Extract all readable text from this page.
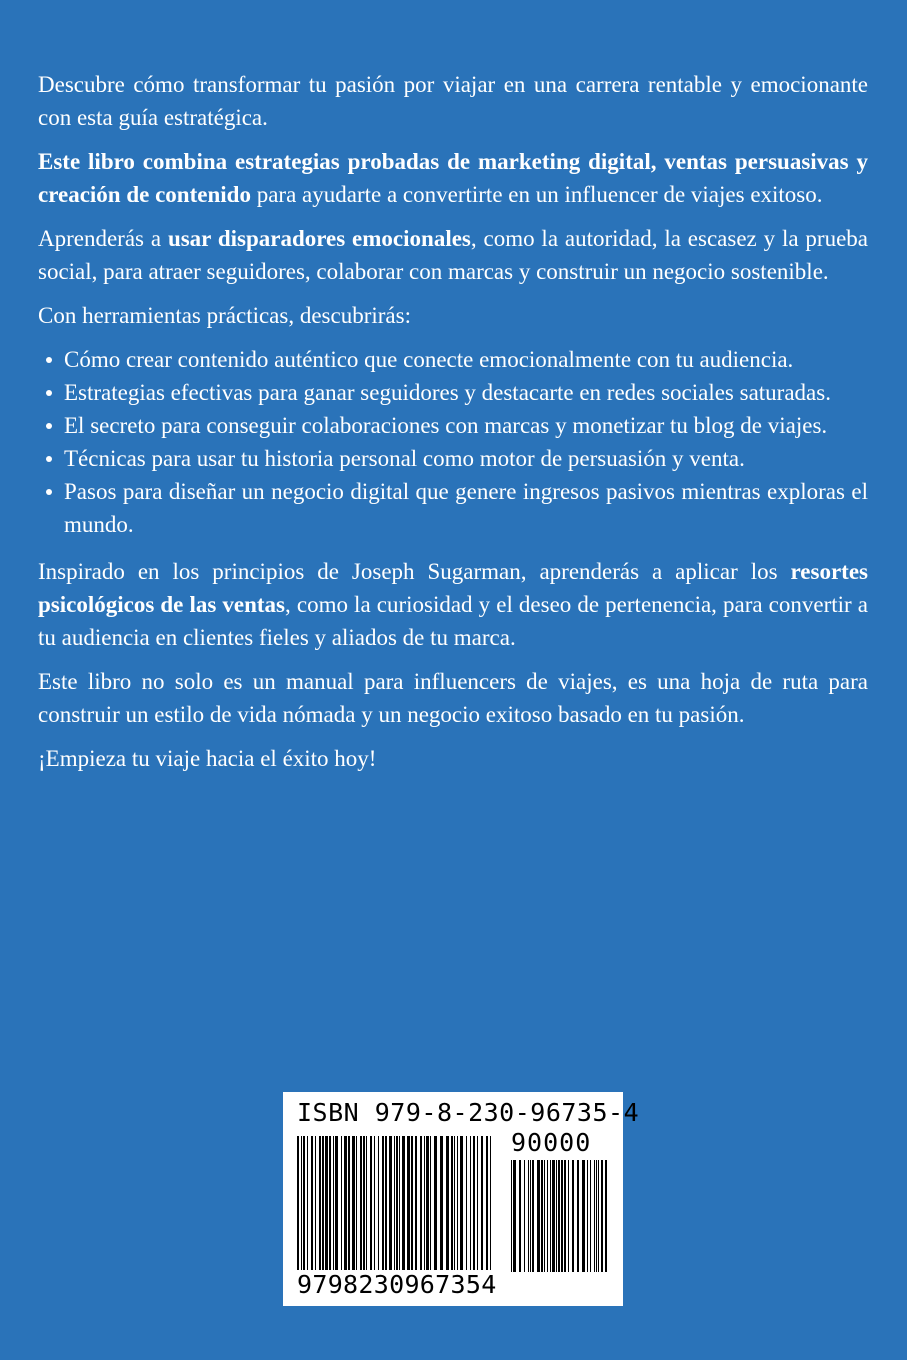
Descubre cómo transformar tu pasión por viajar en una carrera rentable y emocionante con esta guía estratégica.

Este libro combina estrategias probadas de marketing digital, ventas persuasivas y creación de contenido para ayudarte a convertirte en un influencer de viajes exitoso.

Aprenderás a usar disparadores emocionales, como la autoridad, la escasez y la prueba social, para atraer seguidores, colaborar con marcas y construir un negocio sostenible.

Con herramientas prácticas, descubrirás:

Cómo crear contenido auténtico que conecte emocionalmente con tu audiencia.
Estrategias efectivas para ganar seguidores y destacarte en redes sociales saturadas.
El secreto para conseguir colaboraciones con marcas y monetizar tu blog de viajes.
Técnicas para usar tu historia personal como motor de persuasión y venta.
Pasos para diseñar un negocio digital que genere ingresos pasivos mientras exploras el mundo.

Inspirado en los principios de Joseph Sugarman, aprenderás a aplicar los resortes psicológicos de las ventas, como la curiosidad y el deseo de pertenencia, para convertir a tu audiencia en clientes fieles y aliados de tu marca.

Este libro no solo es un manual para influencers de viajes, es una hoja de ruta para construir un estilo de vida nómada y un negocio exitoso basado en tu pasión.

¡Empieza tu viaje hacia el éxito hoy!

ISBN 979-8-230-96735-4
90000
9798230967354
